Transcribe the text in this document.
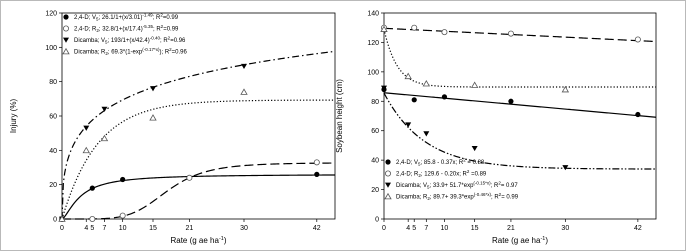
0	4 5 7 10	15	21	30	42
0
20
40
60
80
100
120
Rate (g ae $ha^{-1}$)
Injury (%)
2,4-D; $V_5$; $26.1/1+(x/3.01)^{-1.49}$; $R^2=0.99$
2,4-D; $R_2$; $32.8/1+(x/17.4)^{-5.35}$; $R^2=0.99$
Dicamba; $V_5$; $193/1+(x/42.4)^{-0.40}$; $R^2=0.96$
Dicamba; $R_2$; $69.3*(1-\exp^{(-0.17*x)})$; $R^2=0.96$
0	4 5 7 10	15	21	30	42
0
20
40
60
80
100
120
140
Rate (g ae $ha^{-1}$)
Soybean height (cm)
2,4-D; $V_5$; 85.8 - 0.37x; $R^2 = 0.88$
2,4-D; $R_2$; 129.6 - 0.20x; $R^2 =0.89$
Dicamba; $V_5$; $33.9+ 51.7*\exp^{(-0.15*x)}$; $R^2= 0.97$
Dicamba; $R_2$; $89.7+ 39.3*\exp^{(-0.46*x)}$; $R^2= 0.99$
